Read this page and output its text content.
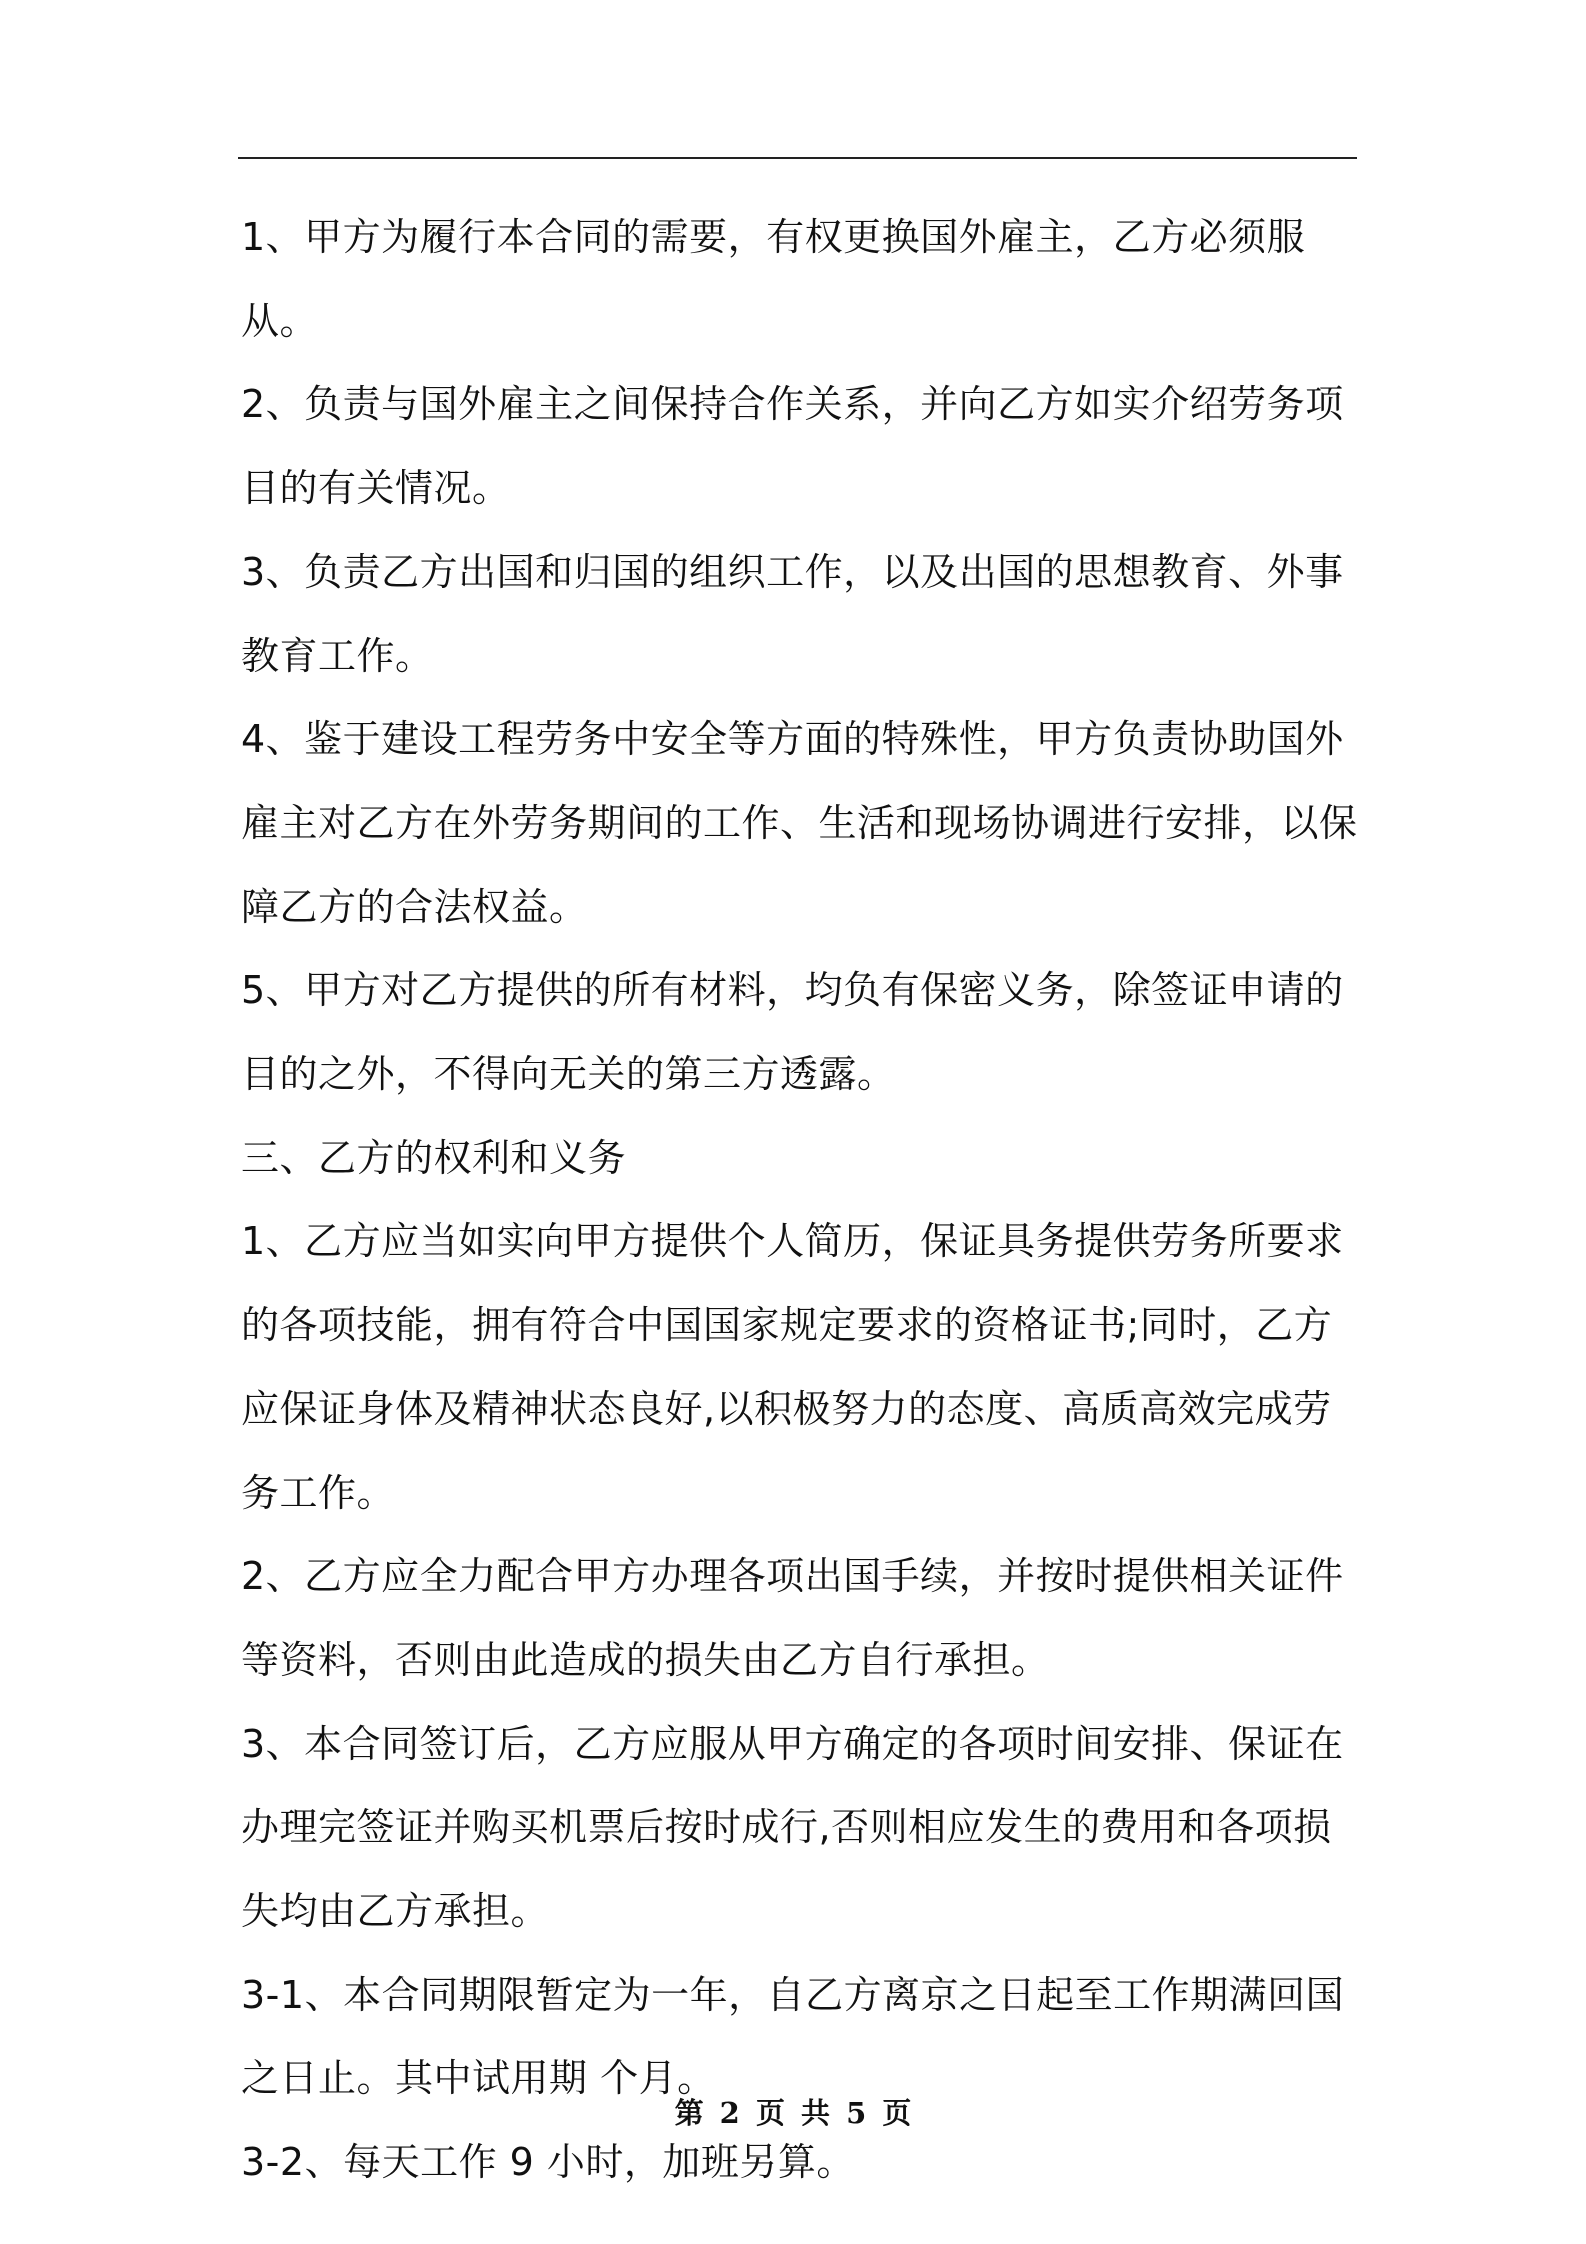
1、甲方为履行本合同的需要，有权更换国外雇主，乙方必须服从。

2、负责与国外雇主之间保持合作关系，并向乙方如实介绍劳务项目的有关情况。

3、负责乙方出国和归国的组织工作，以及出国的思想教育、外事教育工作。

4、鉴于建设工程劳务中安全等方面的特殊性，甲方负责协助国外雇主对乙方在外劳务期间的工作、生活和现场协调进行安排，以保障乙方的合法权益。

5、甲方对乙方提供的所有材料，均负有保密义务，除签证申请的目的之外，不得向无关的第三方透露。

三、乙方的权利和义务

1、乙方应当如实向甲方提供个人简历，保证具务提供劳务所要求的各项技能，拥有符合中国国家规定要求的资格证书;同时，乙方应保证身体及精神状态良好,以积极努力的态度、高质高效完成劳务工作。

2、乙方应全力配合甲方办理各项出国手续，并按时提供相关证件等资料，否则由此造成的损失由乙方自行承担。

3、本合同签订后，乙方应服从甲方确定的各项时间安排、保证在办理完签证并购买机票后按时成行,否则相应发生的费用和各项损失均由乙方承担。

3-1、本合同期限暂定为一年，自乙方离京之日起至工作期满回国之日止。其中试用期 个月。

3-2、每天工作 9 小时，加班另算。

第 2 页 共 5 页
